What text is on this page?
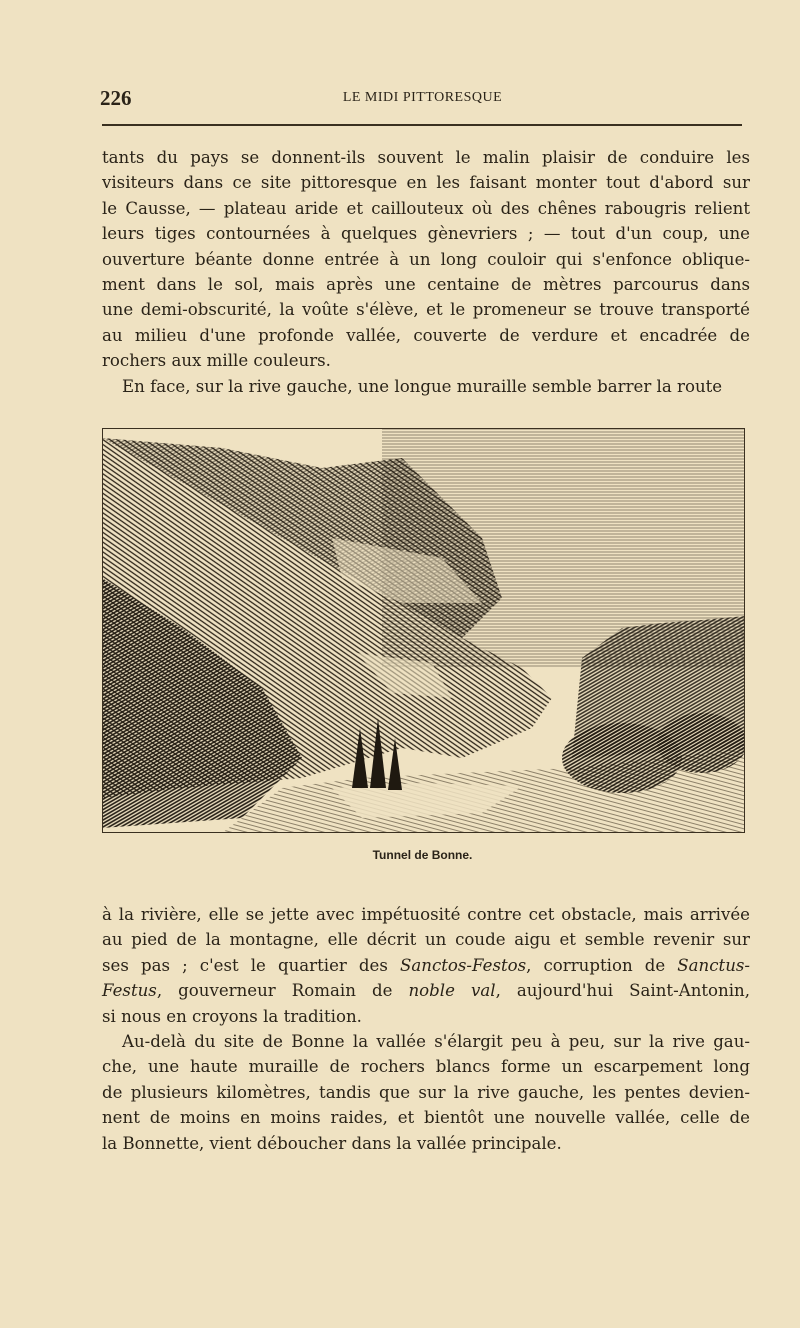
226	LE MIDI PITTORESQUE
tants du pays se donnent-ils souvent le malin plaisir de conduire les
visiteurs dans ce site pittoresque en les faisant monter tout d'abord sur
le Causse, — plateau aride et caillouteux où des chênes rabougris relient
leurs tiges contournées à quelques gènevriers ; — tout d'un coup, une
ouverture béante donne entrée à un long couloir qui s'enfonce oblique-
ment dans le sol, mais après une centaine de mètres parcourus dans
une demi-obscurité, la voûte s'élève, et le promeneur se trouve transporté
au milieu d'une profonde vallée, couverte de verdure et encadrée de
rochers aux mille couleurs.
En face, sur la rive gauche, une longue muraille semble barrer la route
Tunnel de Bonne.
à la rivière, elle se jette avec impétuosité contre cet obstacle, mais arrivée
au pied de la montagne, elle décrit un coude aigu et semble revenir sur
ses pas ; c'est le quartier des Sanctos-Festos, corruption de Sanctus-
Festus, gouverneur Romain de noble val, aujourd'hui Saint-Antonin,
si nous en croyons la tradition.
Au-delà du site de Bonne la vallée s'élargit peu à peu, sur la rive gau-
che, une haute muraille de rochers blancs forme un escarpement long
de plusieurs kilomètres, tandis que sur la rive gauche, les pentes devien-
nent de moins en moins raides, et bientôt une nouvelle vallée, celle de
la Bonnette, vient déboucher dans la vallée principale.
